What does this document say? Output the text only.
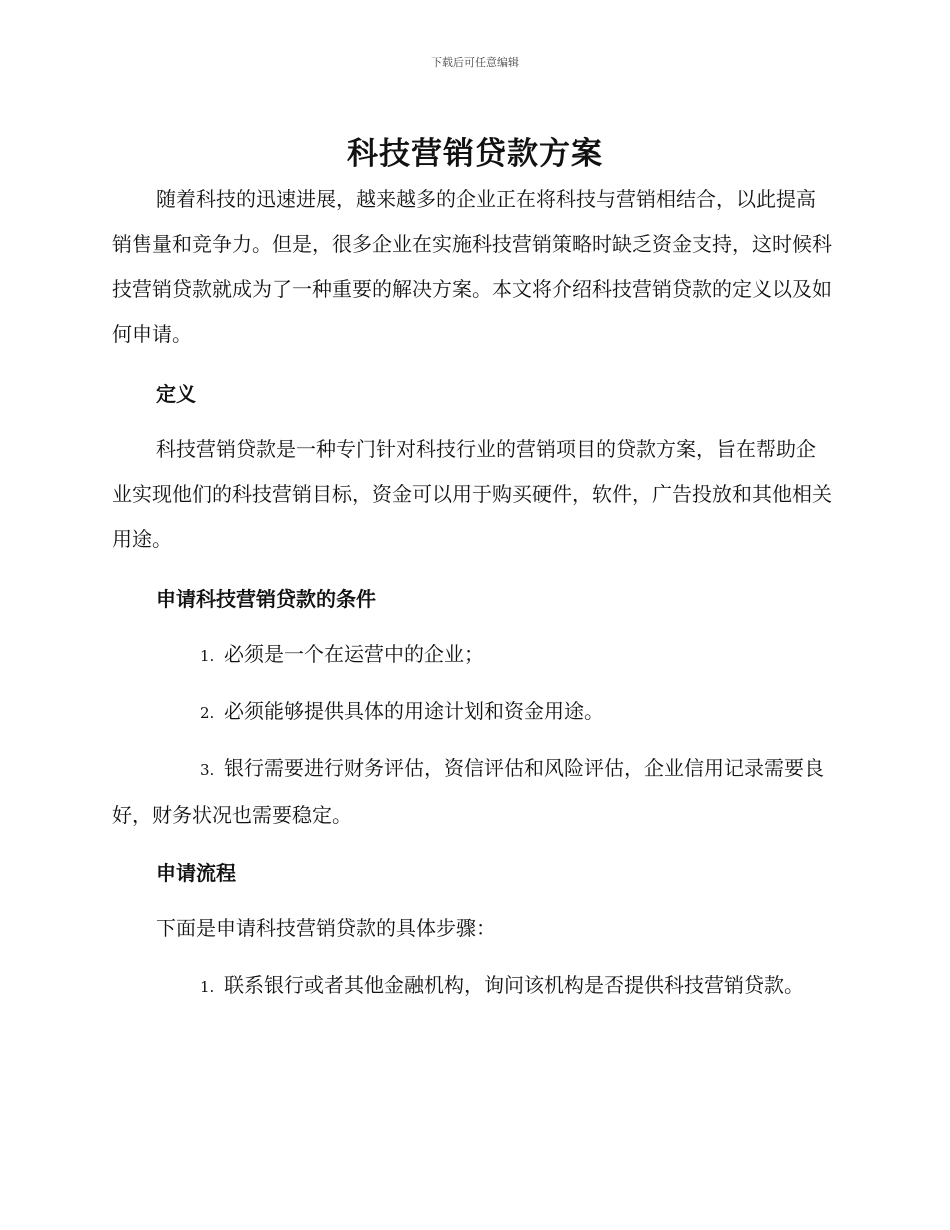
下载后可任意编辑
科技营销贷款方案
随着科技的迅速进展，越来越多的企业正在将科技与营销相结合，以此提高销售量和竞争力。但是，很多企业在实施科技营销策略时缺乏资金支持，这时候科技营销贷款就成为了一种重要的解决方案。本文将介绍科技营销贷款的定义以及如何申请。
定义
科技营销贷款是一种专门针对科技行业的营销项目的贷款方案，旨在帮助企业实现他们的科技营销目标，资金可以用于购买硬件，软件，广告投放和其他相关用途。
申请科技营销贷款的条件
1. 必须是一个在运营中的企业；
2. 必须能够提供具体的用途计划和资金用途。
3. 银行需要进行财务评估，资信评估和风险评估，企业信用记录需要良好，财务状况也需要稳定。
申请流程
下面是申请科技营销贷款的具体步骤：
1. 联系银行或者其他金融机构，询问该机构是否提供科技营销贷款。
